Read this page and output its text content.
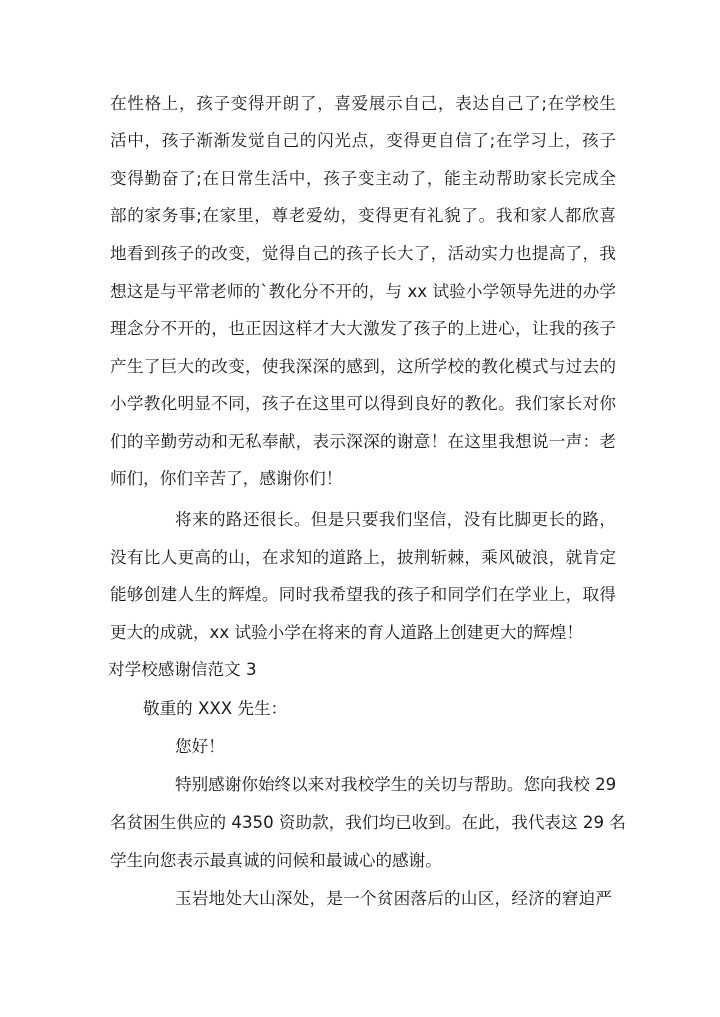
在性格上，孩子变得开朗了，喜爱展示自己，表达自己了;在学校生
活中，孩子渐渐发觉自己的闪光点，变得更自信了;在学习上，孩子
变得勤奋了;在日常生活中，孩子变主动了，能主动帮助家长完成全
部的家务事;在家里，尊老爱幼，变得更有礼貌了。我和家人都欣喜
地看到孩子的改变，觉得自己的孩子长大了，活动实力也提高了，我
想这是与平常老师的`教化分不开的，与 xx 试验小学领导先进的办学
理念分不开的，也正因这样才大大激发了孩子的上进心，让我的孩子
产生了巨大的改变，使我深深的感到，这所学校的教化模式与过去的
小学教化明显不同，孩子在这里可以得到良好的教化。我们家长对你
们的辛勤劳动和无私奉献，表示深深的谢意！在这里我想说一声：老
师们，你们辛苦了，感谢你们！
将来的路还很长。但是只要我们坚信，没有比脚更长的路，
没有比人更高的山，在求知的道路上，披荆斩棘，乘风破浪，就肯定
能够创建人生的辉煌。同时我希望我的孩子和同学们在学业上，取得
更大的成就，xx 试验小学在将来的育人道路上创建更大的辉煌！
对学校感谢信范文 3
敬重的 XXX 先生：
您好！
特别感谢你始终以来对我校学生的关切与帮助。您向我校 29
名贫困生供应的 4350 资助款，我们均已收到。在此，我代表这 29 名
学生向您表示最真诚的问候和最诚心的感谢。
玉岩地处大山深处，是一个贫困落后的山区，经济的窘迫严
